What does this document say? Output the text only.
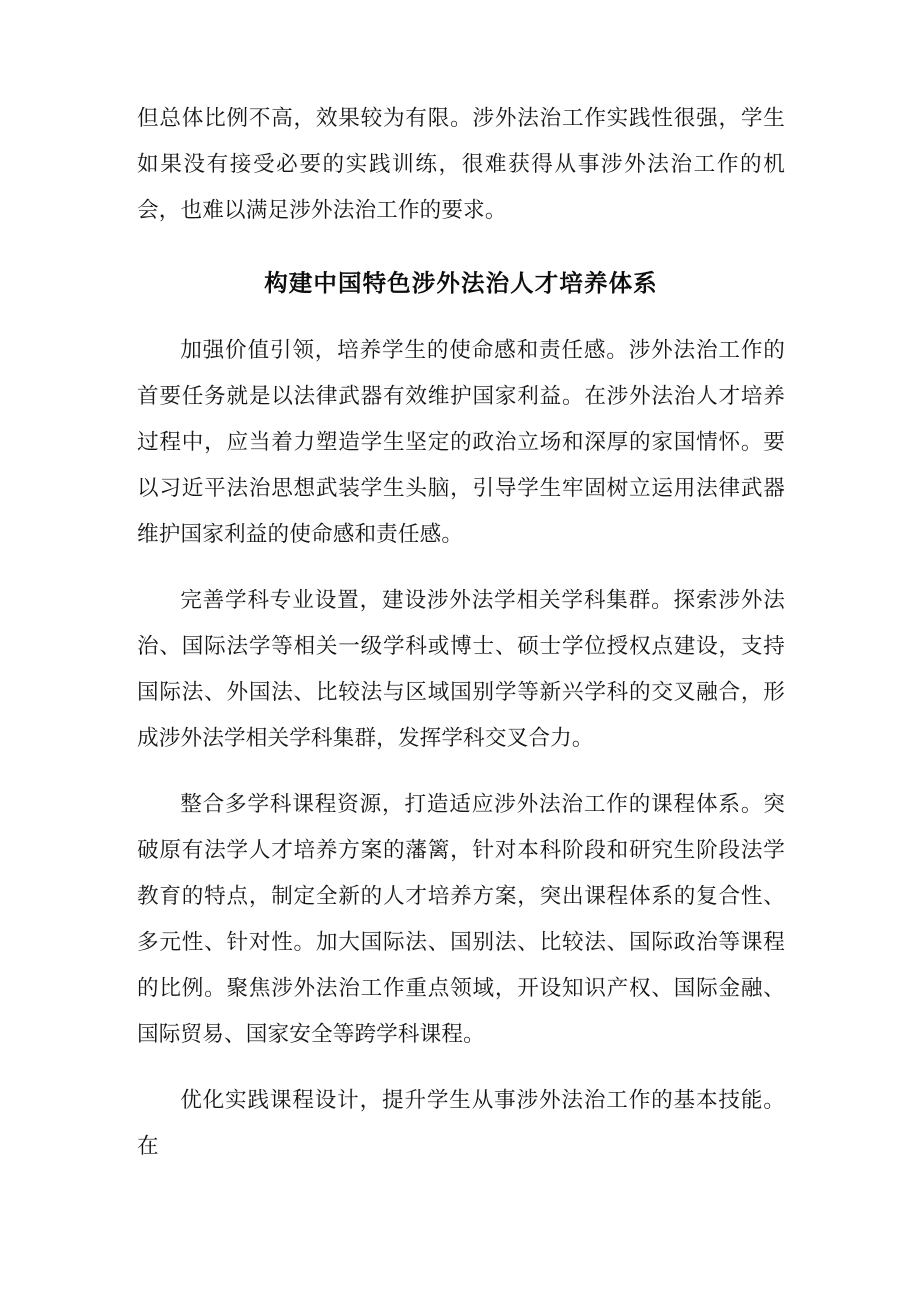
但总体比例不高，效果较为有限。涉外法治工作实践性很强，学生如果没有接受必要的实践训练，很难获得从事涉外法治工作的机会，也难以满足涉外法治工作的要求。

构建中国特色涉外法治人才培养体系

加强价值引领，培养学生的使命感和责任感。涉外法治工作的首要任务就是以法律武器有效维护国家利益。在涉外法治人才培养过程中，应当着力塑造学生坚定的政治立场和深厚的家国情怀。要以习近平法治思想武装学生头脑，引导学生牢固树立运用法律武器维护国家利益的使命感和责任感。

完善学科专业设置，建设涉外法学相关学科集群。探索涉外法治、国际法学等相关一级学科或博士、硕士学位授权点建设，支持国际法、外国法、比较法与区域国别学等新兴学科的交叉融合，形成涉外法学相关学科集群，发挥学科交叉合力。

整合多学科课程资源，打造适应涉外法治工作的课程体系。突破原有法学人才培养方案的藩篱，针对本科阶段和研究生阶段法学教育的特点，制定全新的人才培养方案，突出课程体系的复合性、多元性、针对性。加大国际法、国别法、比较法、国际政治等课程的比例。聚焦涉外法治工作重点领域，开设知识产权、国际金融、国际贸易、国家安全等跨学科课程。

优化实践课程设计，提升学生从事涉外法治工作的基本技能。在
